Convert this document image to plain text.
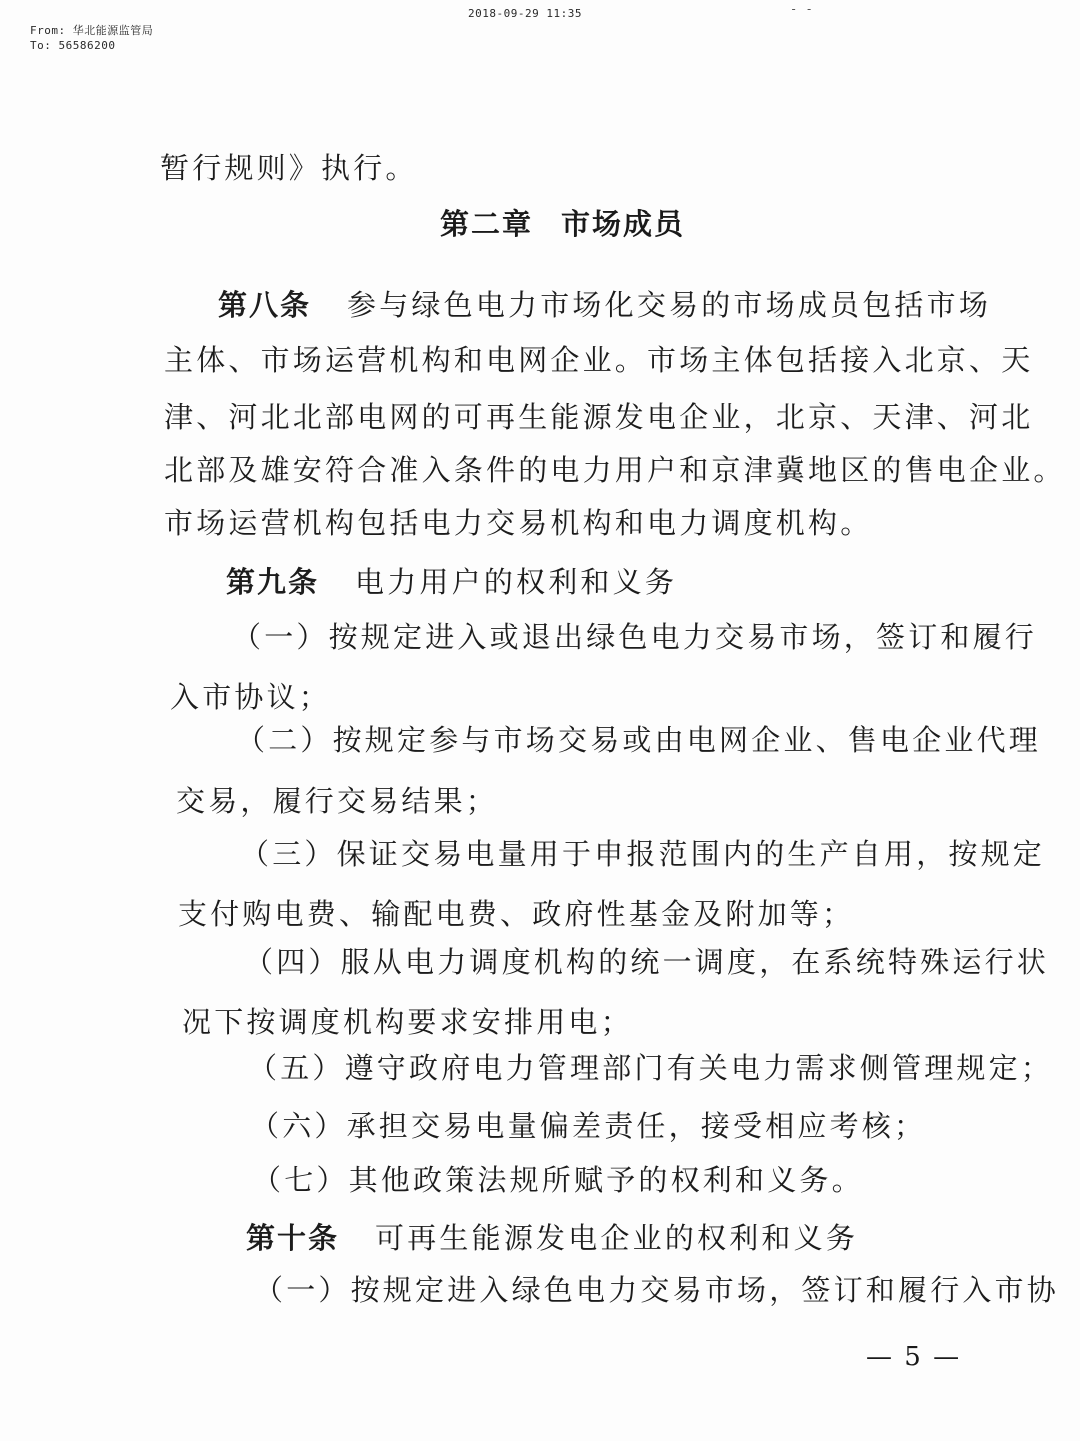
From: 华北能源监管局
To: 56586200
2018-09-29 11:35	- -
暂行规则》执行。
第二章 市场成员
第八条 参与绿色电力市场化交易的市场成员包括市场
主体、市场运营机构和电网企业。市场主体包括接入北京、天
津、河北北部电网的可再生能源发电企业，北京、天津、河北
北部及雄安符合准入条件的电力用户和京津冀地区的售电企业。
市场运营机构包括电力交易机构和电力调度机构。
第九条 电力用户的权利和义务
（一）按规定进入或退出绿色电力交易市场，签订和履行
入市协议；
（二）按规定参与市场交易或由电网企业、售电企业代理
交易，履行交易结果；
（三）保证交易电量用于申报范围内的生产自用，按规定
支付购电费、输配电费、政府性基金及附加等；
（四）服从电力调度机构的统一调度，在系统特殊运行状
况下按调度机构要求安排用电；
（五）遵守政府电力管理部门有关电力需求侧管理规定；
（六）承担交易电量偏差责任，接受相应考核；
（七）其他政策法规所赋予的权利和义务。
第十条 可再生能源发电企业的权利和义务
（一）按规定进入绿色电力交易市场，签订和履行入市协
— 5 —
